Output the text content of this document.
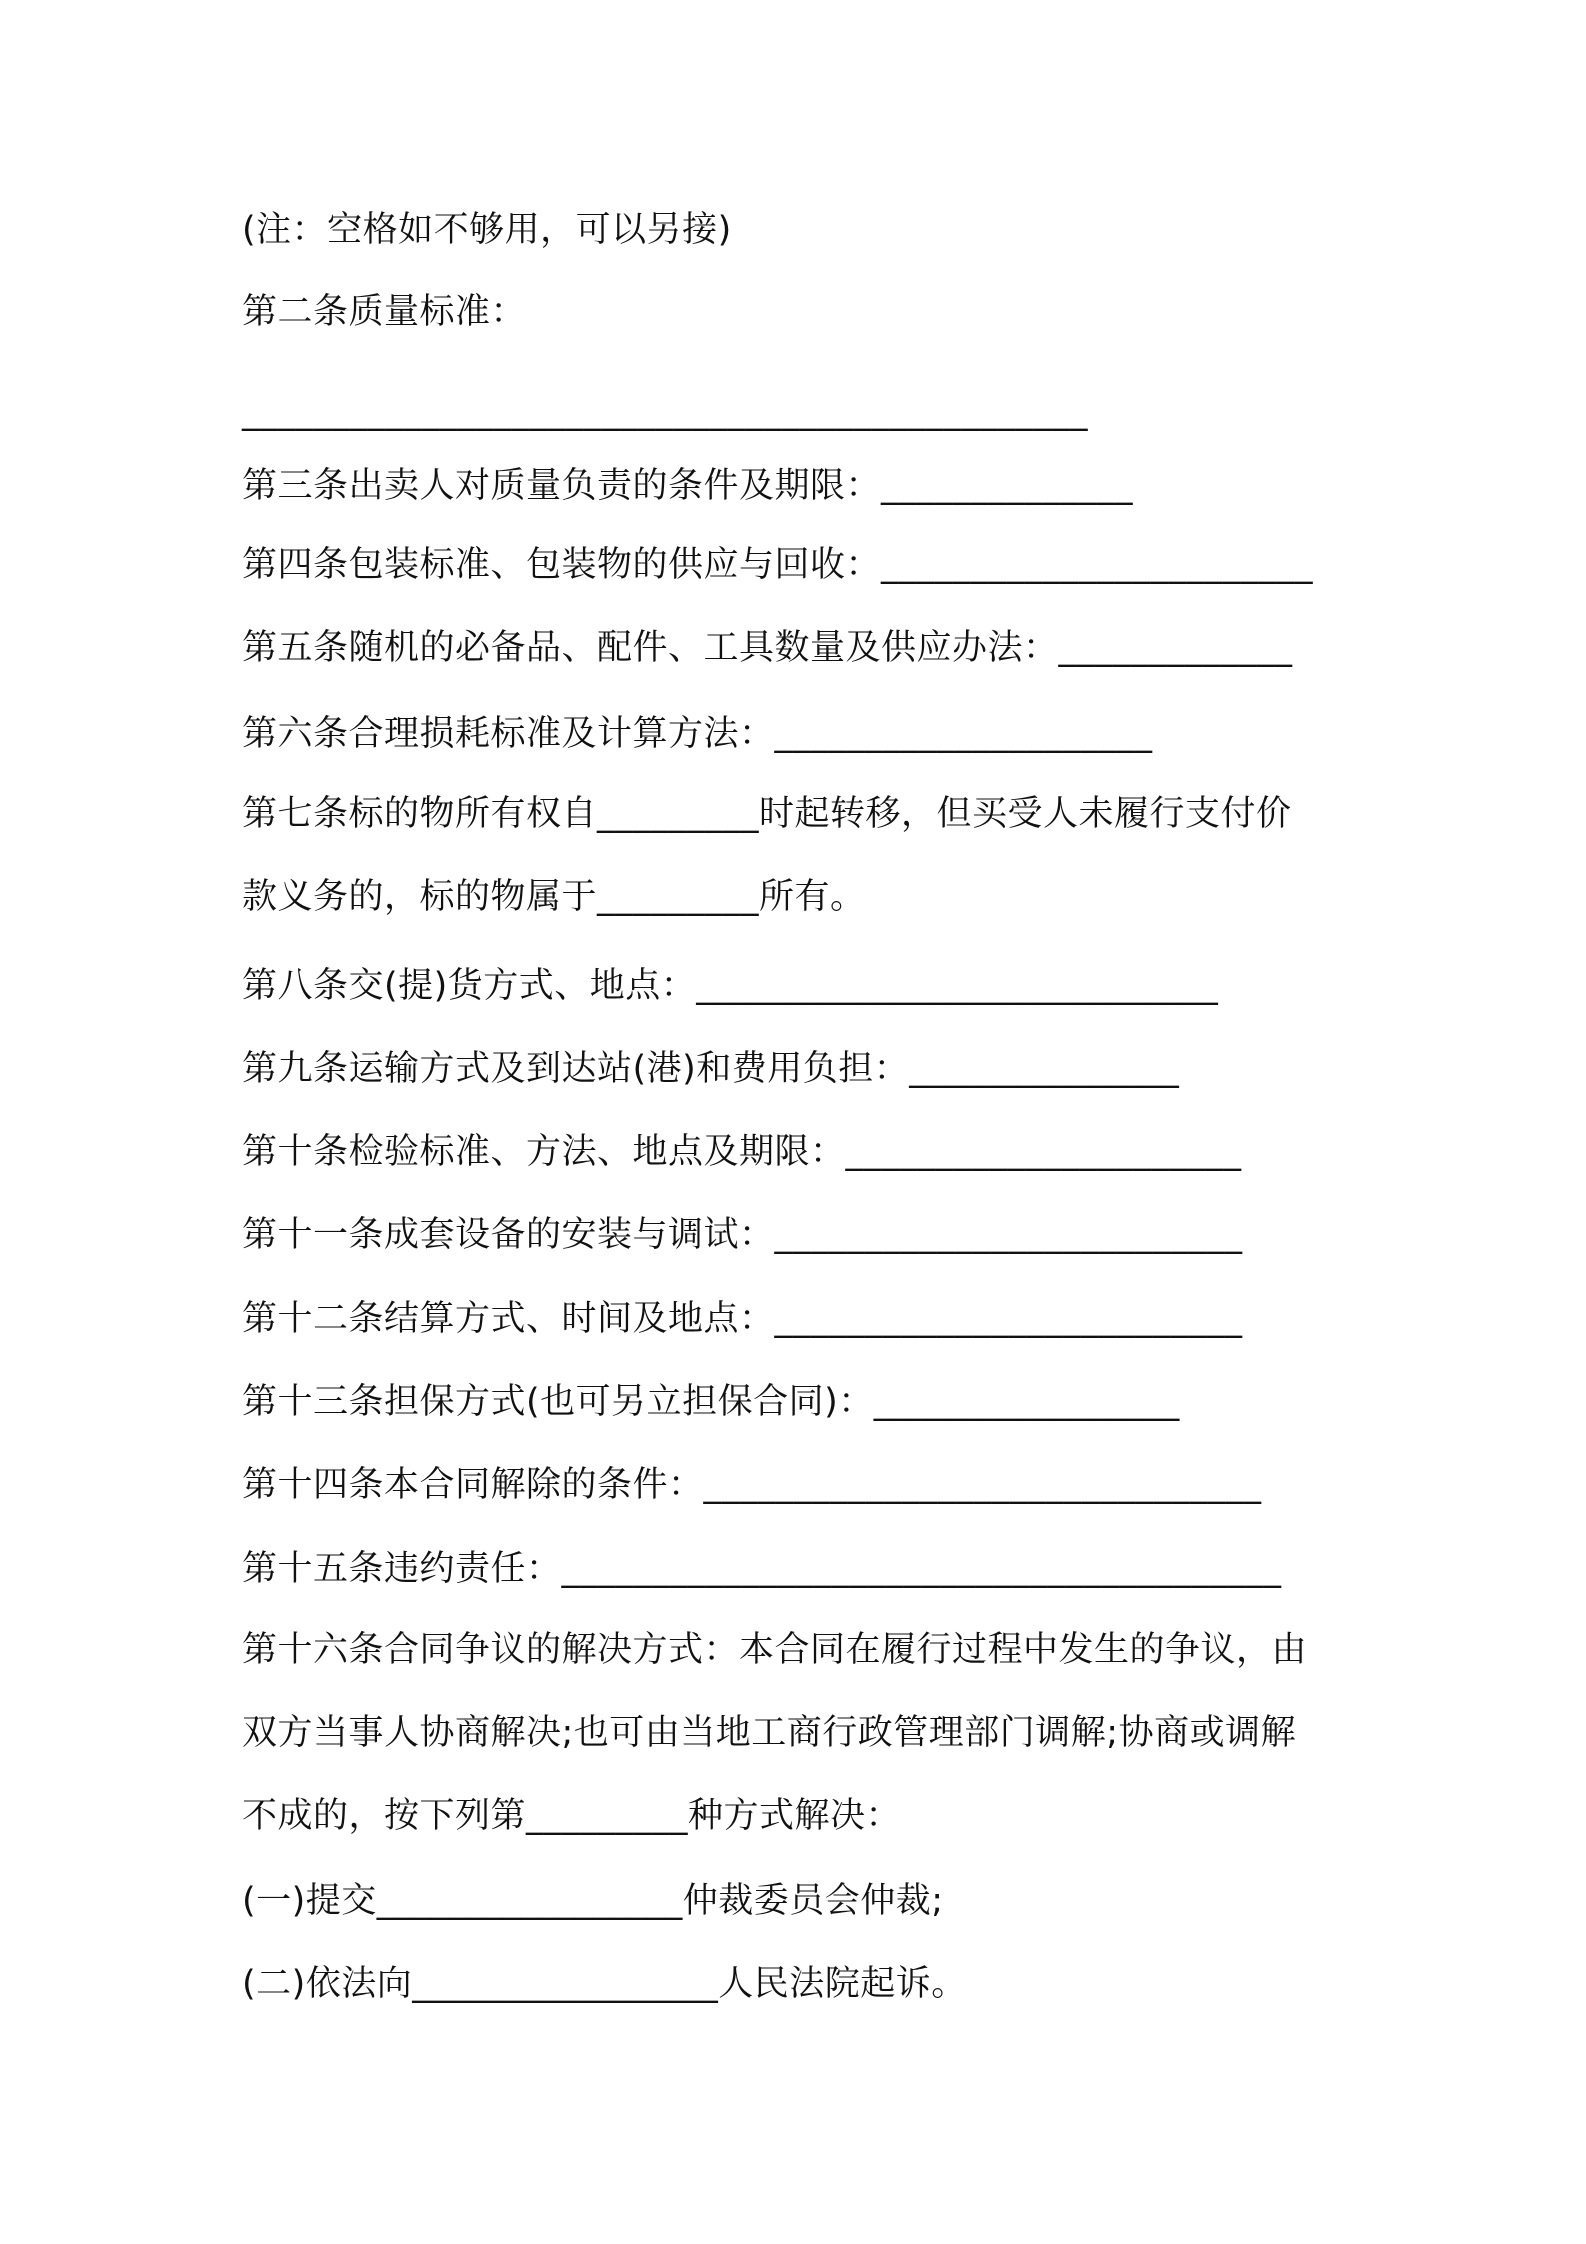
(注：空格如不够用，可以另接)
第二条质量标准：
_______________________________________________
第三条出卖人对质量负责的条件及期限：______________
第四条包装标准、包装物的供应与回收：________________________
第五条随机的必备品、配件、工具数量及供应办法：_____________
第六条合理损耗标准及计算方法：_____________________
第七条标的物所有权自_________时起转移，但买受人未履行支付价
款义务的，标的物属于_________所有。
第八条交(提)货方式、地点：_____________________________
第九条运输方式及到达站(港)和费用负担：_______________
第十条检验标准、方法、地点及期限：______________________
第十一条成套设备的安装与调试：__________________________
第十二条结算方式、时间及地点：__________________________
第十三条担保方式(也可另立担保合同)：_________________
第十四条本合同解除的条件：_______________________________
第十五条违约责任：________________________________________
第十六条合同争议的解决方式：本合同在履行过程中发生的争议，由
双方当事人协商解决;也可由当地工商行政管理部门调解;协商或调解
不成的，按下列第_________种方式解决：
(一)提交_________________仲裁委员会仲裁;
(二)依法向_________________人民法院起诉。
